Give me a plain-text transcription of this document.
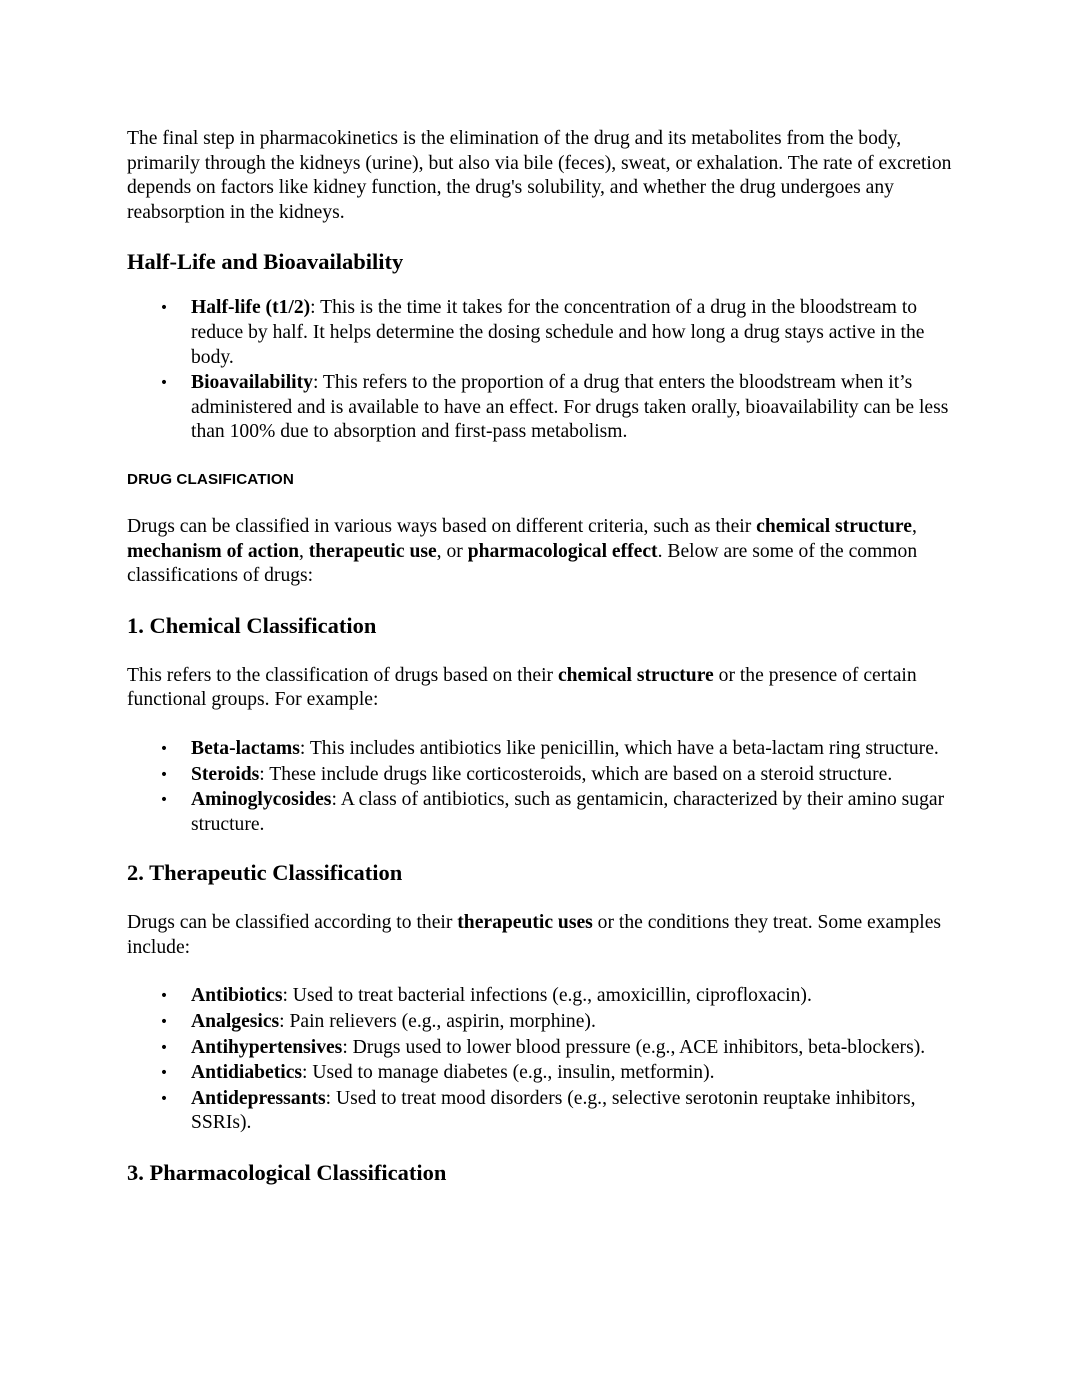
The final step in pharmacokinetics is the elimination of the drug and its metabolites from the body, primarily through the kidneys (urine), but also via bile (feces), sweat, or exhalation. The rate of excretion depends on factors like kidney function, the drug's solubility, and whether the drug undergoes any reabsorption in the kidneys.

Half-Life and Bioavailability
• Half-life (t1/2): This is the time it takes for the concentration of a drug in the bloodstream to reduce by half. It helps determine the dosing schedule and how long a drug stays active in the body.
• Bioavailability: This refers to the proportion of a drug that enters the bloodstream when it’s administered and is available to have an effect. For drugs taken orally, bioavailability can be less than 100% due to absorption and first-pass metabolism.
DRUG CLASIFICATION

Drugs can be classified in various ways based on different criteria, such as their chemical structure, mechanism of action, therapeutic use, or pharmacological effect. Below are some of the common classifications of drugs:

1. Chemical Classification

This refers to the classification of drugs based on their chemical structure or the presence of certain functional groups. For example:

• Beta-lactams: This includes antibiotics like penicillin, which have a beta-lactam ring structure.
• Steroids: These include drugs like corticosteroids, which are based on a steroid structure.
• Aminoglycosides: A class of antibiotics, such as gentamicin, characterized by their amino sugar structure.
2. Therapeutic Classification

Drugs can be classified according to their therapeutic uses or the conditions they treat. Some examples include:

• Antibiotics: Used to treat bacterial infections (e.g., amoxicillin, ciprofloxacin).
• Analgesics: Pain relievers (e.g., aspirin, morphine).
• Antihypertensives: Drugs used to lower blood pressure (e.g., ACE inhibitors, beta-blockers).
• Antidiabetics: Used to manage diabetes (e.g., insulin, metformin).
• Antidepressants: Used to treat mood disorders (e.g., selective serotonin reuptake inhibitors, SSRIs).
3. Pharmacological Classification
